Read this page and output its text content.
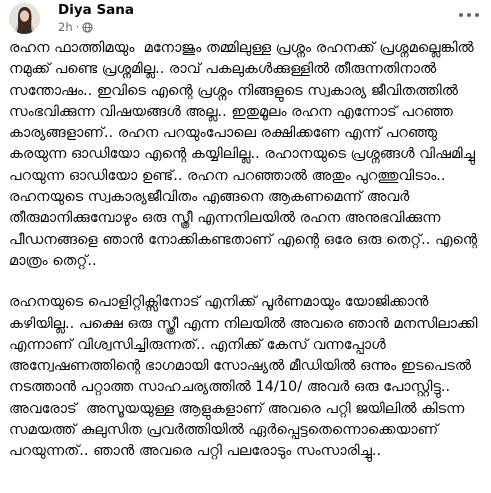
Diya Sana
2h ·

രഹന ഫാത്തിമയും  മനോജും തമ്മിലുള്ള പ്രശ്നം രഹനക്ക് പ്രശ്നമല്ലെങ്കിൽ നമുക്ക് പണ്ടെ പ്രശ്നമില്ല.. രാവ് പകലുകൾക്കുള്ളിൽ തീരുന്നതിനാൽ സന്തോഷം.. ഇവിടെ എന്റെ പ്രശ്നം നിങ്ങളുടെ സ്വകാര്യ ജീവിതത്തിൽ സംഭവിക്കുന്ന വിഷയങ്ങൾ അല്ല.. ഇതുമൂലം രഹന എന്നോട് പറഞ്ഞ കാര്യങ്ങളാണ്.. രഹന പറയുംപോലെ രക്ഷിക്കണേ എന്ന് പറഞ്ഞു കരയുന്ന ഓഡിയോ എന്റെ കയ്യിലില്ല.. രഹാനയുടെ പ്രശ്നങ്ങൾ വിഷമിച്ചു പറയുന്ന ഓഡിയോ ഉണ്ട്.. രഹന പറഞ്ഞാൽ അതും പുറത്തുവിടാം.. രഹനയുടെ സ്വകാര്യജീവിതം എങ്ങനെ ആകണമെന്ന് അവർ തീരുമാനിക്കുമ്പോഴും ഒരു സ്ത്രീ എന്നനിലയിൽ രഹന അനുഭവിക്കുന്ന പീഡനങ്ങളെ ഞാൻ നോക്കികണ്ടതാണ് എന്റെ ഒരേ ഒരു തെറ്റ്.. എന്റെ മാത്രം തെറ്റ്..

രഹനയുടെ പൊളിറ്റിക്സിനോട് എനിക്ക് പൂർണമായും യോജിക്കാൻ കഴിയില്ല.. പക്ഷെ ഒരു സ്ത്രീ എന്ന നിലയിൽ അവരെ ഞാൻ മനസിലാക്കി എന്നാണ് വിശ്വസിച്ചിരുന്നത്.. എനിക്ക് കേസ് വന്നപ്പോൾ അന്വേഷണത്തിന്റെ ഭാഗമായി സോഷ്യൽ മീഡിയിൽ ഒന്നും ഇടപെടൽ നടത്താൻ പറ്റാത്ത സാഹചര്യത്തിൽ 14/10/ അവർ ഒരു പോസ്റ്റിട്ടു.. അവരോട്  അസൂയയുള്ള ആളുകളാണ് അവരെ പറ്റി ജയിലിൽ കിടന്ന സമയത്ത് കുലുസിത പ്രവർത്തിയിൽ ഏർപ്പെട്ടതെന്നൊക്കെയാണ് പറയുന്നത്.. ഞാൻ അവരെ പറ്റി പലരോടും സംസാരിച്ചു..
